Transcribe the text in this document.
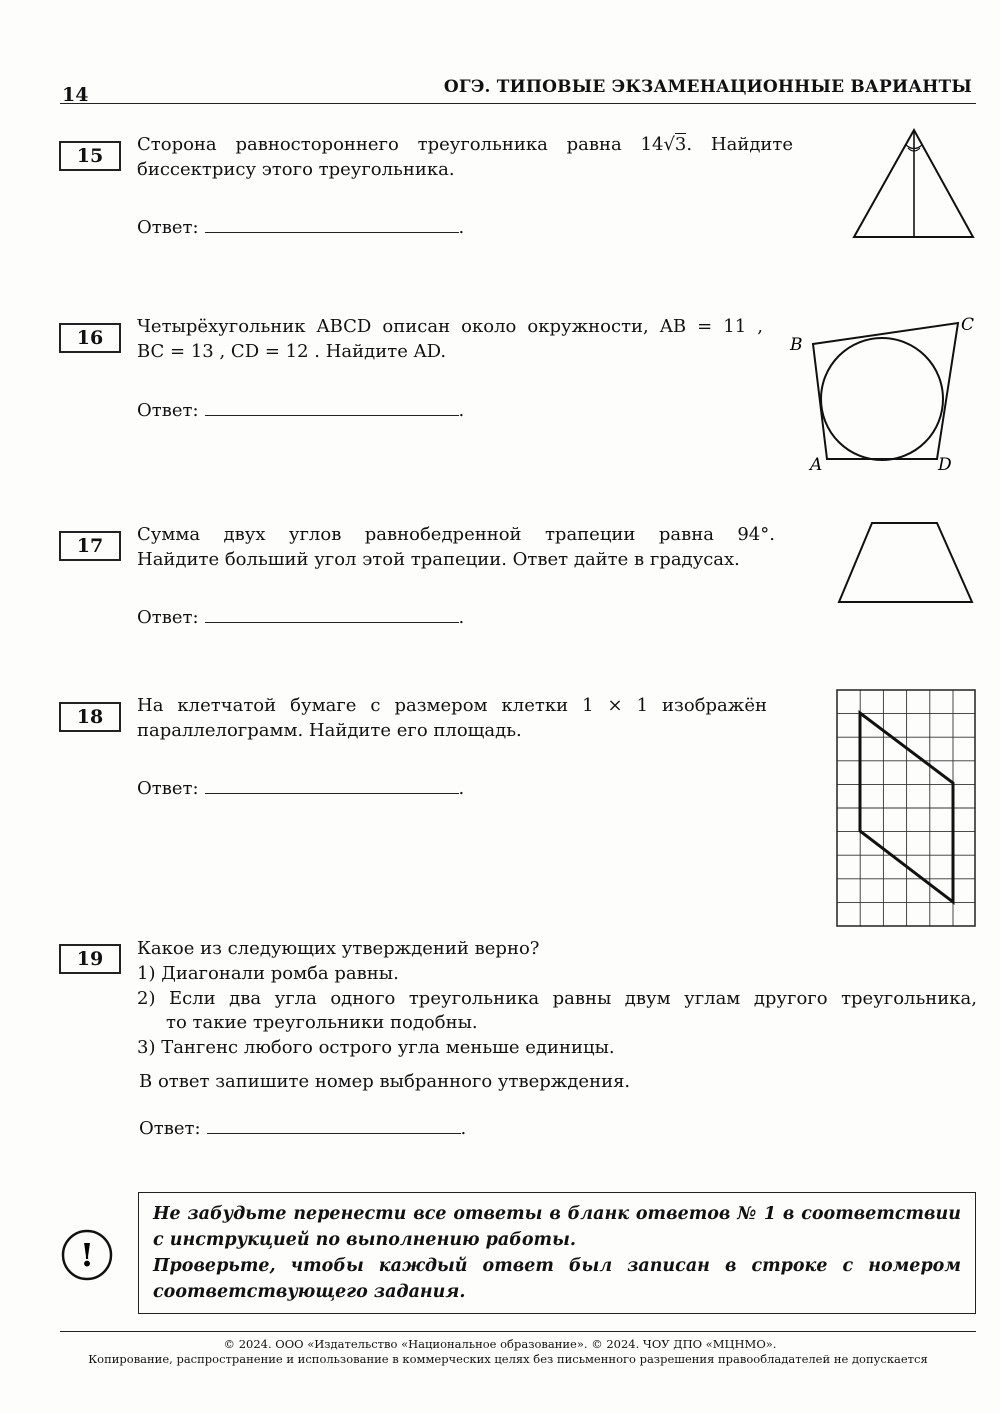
14	ОГЭ. ТИПОВЫЕ ЭКЗАМЕНАЦИОННЫЕ ВАРИАНТЫ
15
Сторона равностороннего треугольника равна 14√3. Найдите
биссектрису этого треугольника.
Ответ:	.
16
Четырёхугольник ABCD описан около окружности, AB = 11 ,
BC = 13 , CD = 12 . Найдите AD.
Ответ:	.
A
B
C
D
17
Сумма двух углов равнобедренной трапеции равна 94°.
Найдите больший угол этой трапеции. Ответ дайте в градусах.
Ответ:	.
18
На клетчатой бумаге с размером клетки 1 × 1 изображён
параллелограмм. Найдите его площадь.
Ответ:	.
19	Какое из следующих утверждений верно?
1) Диагонали ромба равны.
2) Если два угла одного треугольника равны двум углам другого треугольника,
то такие треугольники подобны.
3) Тангенс любого острого угла меньше единицы.
В ответ запишите номер выбранного утверждения.
Ответ:	.
!

Не забудьте перенести все ответы в бланк ответов № 1 в соответствии

с инструкцией по выполнению работы.

Проверьте, чтобы каждый ответ был записан в строке с номером

соответствующего задания.

© 2024. ООО «Издательство «Национальное образование». © 2024. ЧОУ ДПО «МЦНМО».
Копирование, распространение и использование в коммерческих целях без письменного разрешения правообладателей не допускается
